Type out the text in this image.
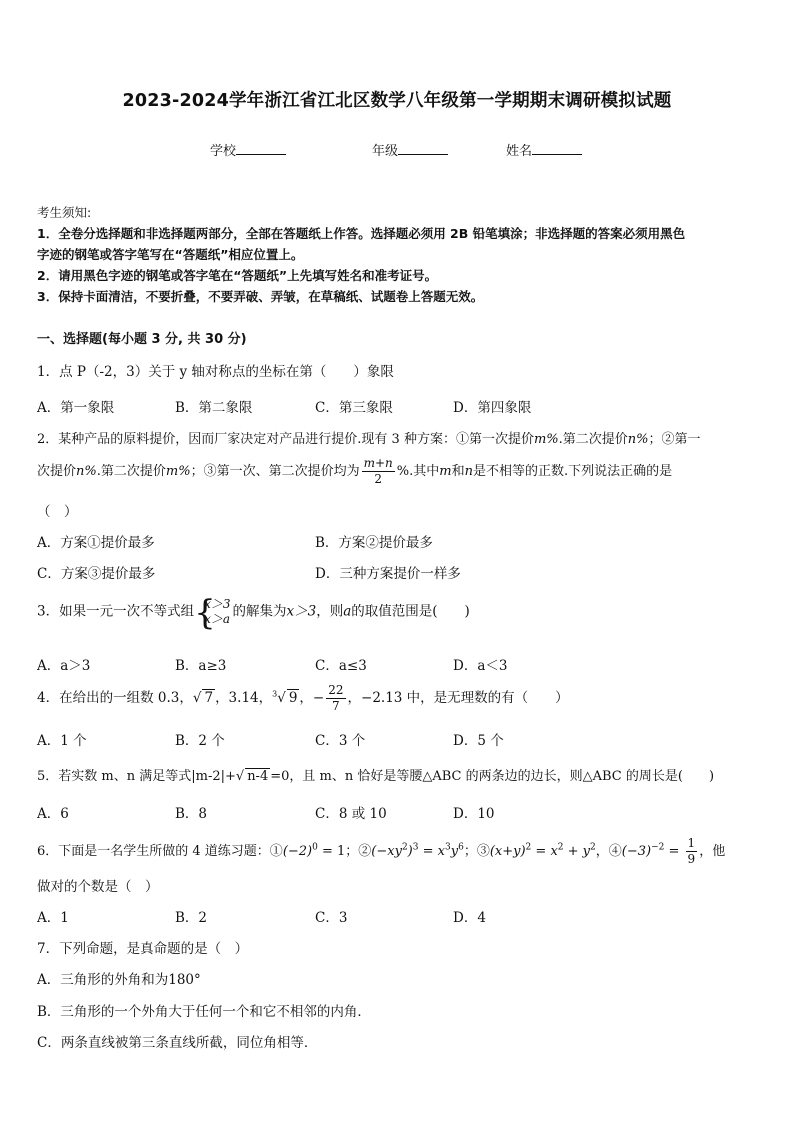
2023-2024学年浙江省江北区数学八年级第一学期期末调研模拟试题
学校	年级	姓名
考生须知:
1．全卷分选择题和非选择题两部分，全部在答题纸上作答。选择题必须用 2B 铅笔填涂；非选择题的答案必须用黑色
字迹的钢笔或答字笔写在“答题纸”相应位置上。
2．请用黑色字迹的钢笔或答字笔在“答题纸”上先填写姓名和准考证号。
3．保持卡面清洁，不要折叠，不要弄破、弄皱，在草稿纸、试题卷上答题无效。
一、选择题(每小题 3 分, 共 30 分)
1．点 P（-2，3）关于 y 轴对称点的坐标在第（　　）象限
A．第一象限	B．第二象限	C．第三象限	D．第四象限
2．某种产品的原料提价，因而厂家决定对产品进行提价.现有 3 种方案：①第一次提价m%.第二次提价n%；②第一
次提价n%.第二次提价m%；③第一次、第二次提价均为 $\frac{m+n}{2}$ %.其中m和n是不相等的正数.下列说法正确的是
（　）
A．方案①提价最多	B．方案②提价最多
C．方案③提价最多	D．三种方案提价一样多
3．如果一元一次不等式组
{ x＞3
x＞a 的解集为x＞3，则a的取值范围是(　　)
A．a＞3	B．a≥3	C．a≤3	D．a＜3
4．在给出的一组数 0.3，√ 7 ，3.14，$^3$√ 9 ，− $\frac{22}{7}$ ，−2.13 中，是无理数的有（　　）
A．1 个	B．2 个	C．3 个	D．5 个
5．若实数 m、n 满足等式|m-2|+√ n-4 =0，且 m、n 恰好是等腰△ABC 的两条边的边长，则△ABC 的周长是(　　)
A．6	B．8	C．8 或 10	D．10
6．下面是一名学生所做的 4 道练习题：$①(-2)^0 = 1$；$②(-xy^2)^3 = x^3y^6$；$③(x+y)^2 = x^2 + y^2$，$④(-3)^{-2} = \frac{1}{9}$ ，他
做对的个数是（　）
A．1	B．2	C．3	D．4
7．下列命题，是真命题的是（　）
A．三角形的外角和为180°
B．三角形的一个外角大于任何一个和它不相邻的内角．
C．两条直线被第三条直线所截，同位角相等．
